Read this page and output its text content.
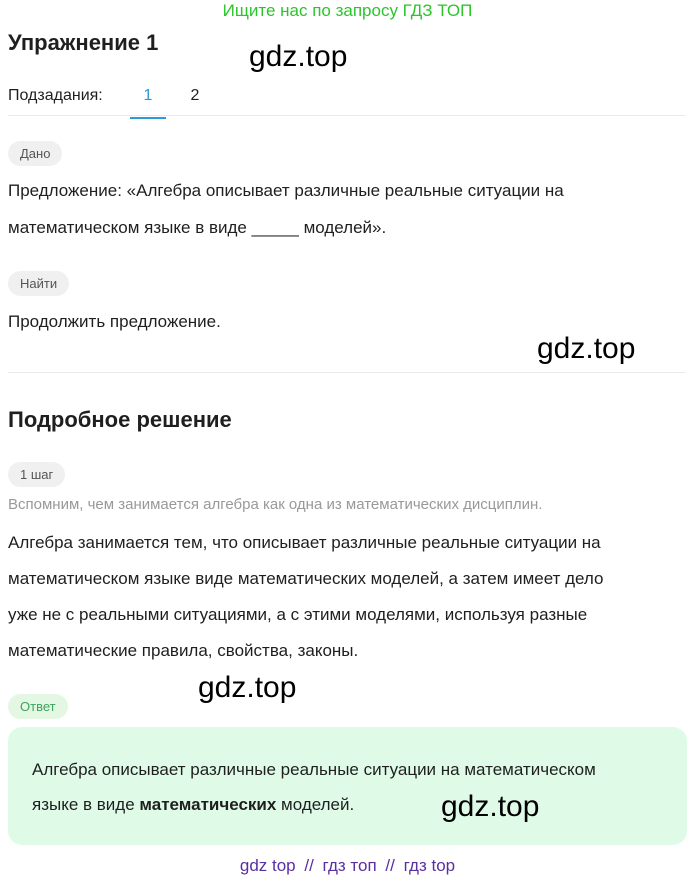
Ищите нас по запросу ГДЗ ТОП
Упражнение 1	gdz.top
Подзадания:	1	2
Дано
Предложение: «Алгебра описывает различные реальные ситуации на
математическом языке в виде _____ моделей».
Найти
Продолжить предложение.
gdz.top
Подробное решение
1 шаг
Вспомним, чем занимается алгебра как одна из математических дисциплин.
Алгебра занимается тем, что описывает различные реальные ситуации на
математическом языке виде математических моделей, а затем имеет дело
уже не с реальными ситуациями, а с этими моделями, используя разные
математические правила, свойства, законы.
gdz.top
Ответ
Алгебра описывает различные реальные ситуации на математическом
языке в виде математических моделей.	gdz.top
gdz top // гдз топ // гдз top
